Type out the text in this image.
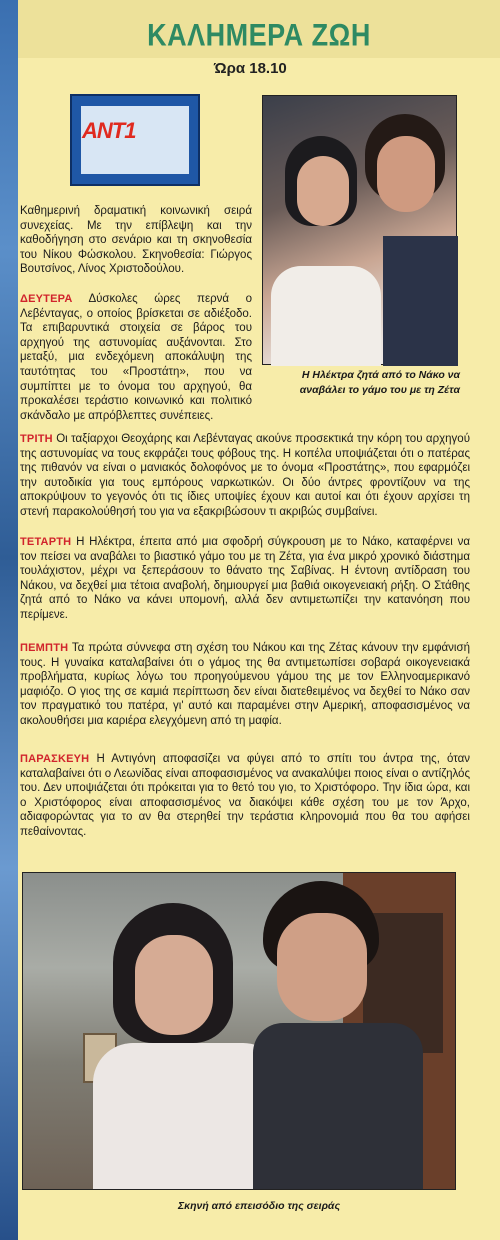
ΚΑΛΗΜΕΡΑ ΖΩΗ
Ώρα 18.10
ANT1
Η Ηλέκτρα ζητά από το Νάκο να αναβάλει το γάμο του με τη Ζέτα

Καθημερινή δραματική κοινωνική σειρά συνεχείας. Με την επίβλεψη και την καθοδήγηση στο σενάριο και τη σκηνοθεσία του Νίκου Φώσκολου. Σκηνοθεσία: Γιώργος Βουτσίνος, Λίνος Χριστοδούλου.

ΔΕΥΤΕΡΑ Δύσκολες ώρες περνά ο Λεβένταγας, ο οποίος βρίσκεται σε αδιέξοδο. Τα επιβαρυντικά στοιχεία σε βάρος του αρχηγού της αστυνομίας αυξάνονται. Στο μεταξύ, μια ενδεχόμενη αποκάλυψη της ταυτότητας του «Προστάτη», που να συμπίπτει με το όνομα του αρχηγού, θα προκαλέσει τεράστιο κοινωνικό και πολιτικό σκάνδαλο με απρόβλεπτες συνέπειες.

ΤΡΙΤΗ Οι ταξίαρχοι Θεοχάρης και Λεβένταγας ακούνε προσεκτικά την κόρη του αρχηγού της αστυνομίας να τους εκφράζει τους φόβους της. Η κοπέλα υποψιάζεται ότι ο πατέρας της πιθανόν να είναι ο μανιακός δολοφόνος με το όνομα «Προστάτης», που εφαρμόζει την αυτοδικία για τους εμπόρους ναρκωτικών. Οι δύο άντρες φροντίζουν να της αποκρύψουν το γεγονός ότι τις ίδιες υποψίες έχουν και αυτοί και ότι έχουν αρχίσει τη στενή παρακολούθησή του για να εξακριβώσουν τι ακριβώς συμβαίνει.

ΤΕΤΑΡΤΗ Η Ηλέκτρα, έπειτα από μια σφοδρή σύγκρουση με το Νάκο, καταφέρνει να τον πείσει να αναβάλει το βιαστικό γάμο του με τη Ζέτα, για ένα μικρό χρονικό διάστημα τουλάχιστον, μέχρι να ξεπεράσουν το θάνατο της Σαβίνας. Η έντονη αντίδραση του Νάκου, να δεχθεί μια τέτοια αναβολή, δημιουργεί μια βαθιά οικογενειακή ρήξη. Ο Στάθης ζητά από το Νάκο να κάνει υπομονή, αλλά δεν αντιμετωπίζει την κατανόηση που περίμενε.

ΠΕΜΠΤΗ Τα πρώτα σύννεφα στη σχέση του Νάκου και της Ζέτας κάνουν την εμφάνισή τους. Η γυναίκα καταλαβαίνει ότι ο γάμος της θα αντιμετωπίσει σοβαρά οικογενειακά προβλήματα, κυρίως λόγω του προηγούμενου γάμου της με τον Ελληνοαμερικανό μαφιόζο. Ο γιος της σε καμιά περίπτωση δεν είναι διατεθειμένος να δεχθεί το Νάκο σαν τον πραγματικό του πατέρα, γι' αυτό και παραμένει στην Αμερική, αποφασισμένος να ακολουθήσει μια καριέρα ελεγχόμενη από τη μαφία.

ΠΑΡΑΣΚΕΥΗ Η Αντιγόνη αποφασίζει να φύγει από το σπίτι του άντρα της, όταν καταλαβαίνει ότι ο Λεωνίδας είναι αποφασισμένος να ανακαλύψει ποιος είναι ο αντίζηλός του. Δεν υποψιάζεται ότι πρόκειται για το θετό του γιο, το Χριστόφορο. Την ίδια ώρα, και ο Χριστόφορος είναι αποφασισμένος να διακόψει κάθε σχέση του με τον Άρχο, αδιαφορώντας για το αν θα στερηθεί την τεράστια κληρονομιά που θα του αφήσει πεθαίνοντας.

Σκηνή από επεισόδιο της σειράς
